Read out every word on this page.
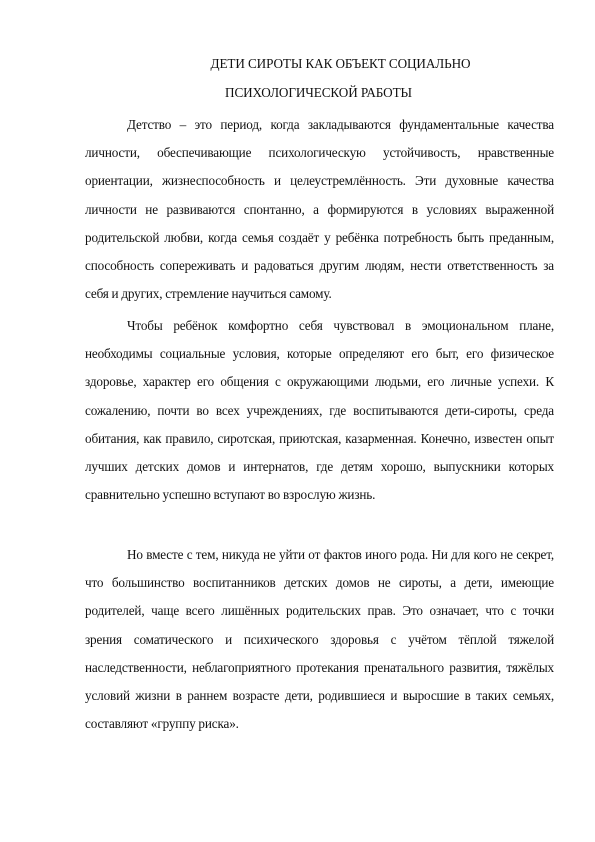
ДЕТИ СИРОТЫ КАК ОБЪЕКТ СОЦИАЛЬНО
ПСИХОЛОГИЧЕСКОЙ РАБОТЫ

Детство – это период, когда закладываются фундаментальные качества личности, обеспечивающие психологическую устойчивость, нравственные ориентации, жизнеспособность и целеустремлённость. Эти духовные качества личности не развиваются спонтанно, а формируются в условиях выраженной родительской любви, когда семья создаёт у ребёнка потребность быть преданным, способность сопереживать и радоваться другим людям, нести ответственность за себя и других, стремление научиться самому.

Чтобы ребёнок комфортно себя чувствовал в эмоциональном плане, необходимы социальные условия, которые определяют его быт, его физическое здоровье, характер его общения с окружающими людьми, его личные успехи. К сожалению, почти во всех учреждениях, где воспитываются дети-сироты, среда обитания, как правило, сиротская, приютская, казарменная. Конечно, известен опыт лучших детских домов и интернатов, где детям хорошо, выпускники которых сравнительно успешно вступают во взрослую жизнь.

Но вместе с тем, никуда не уйти от фактов иного рода. Ни для кого не секрет, что большинство воспитанников детских домов не сироты, а дети, имеющие родителей, чаще всего лишённых родительских прав. Это означает, что с точки зрения соматического и психического здоровья с учётом тёплой тяжелой наследственности, неблагоприятного протекания пренатального развития, тяжёлых условий жизни в раннем возрасте дети, родившиеся и выросшие в таких семьях, составляют «группу риска».
